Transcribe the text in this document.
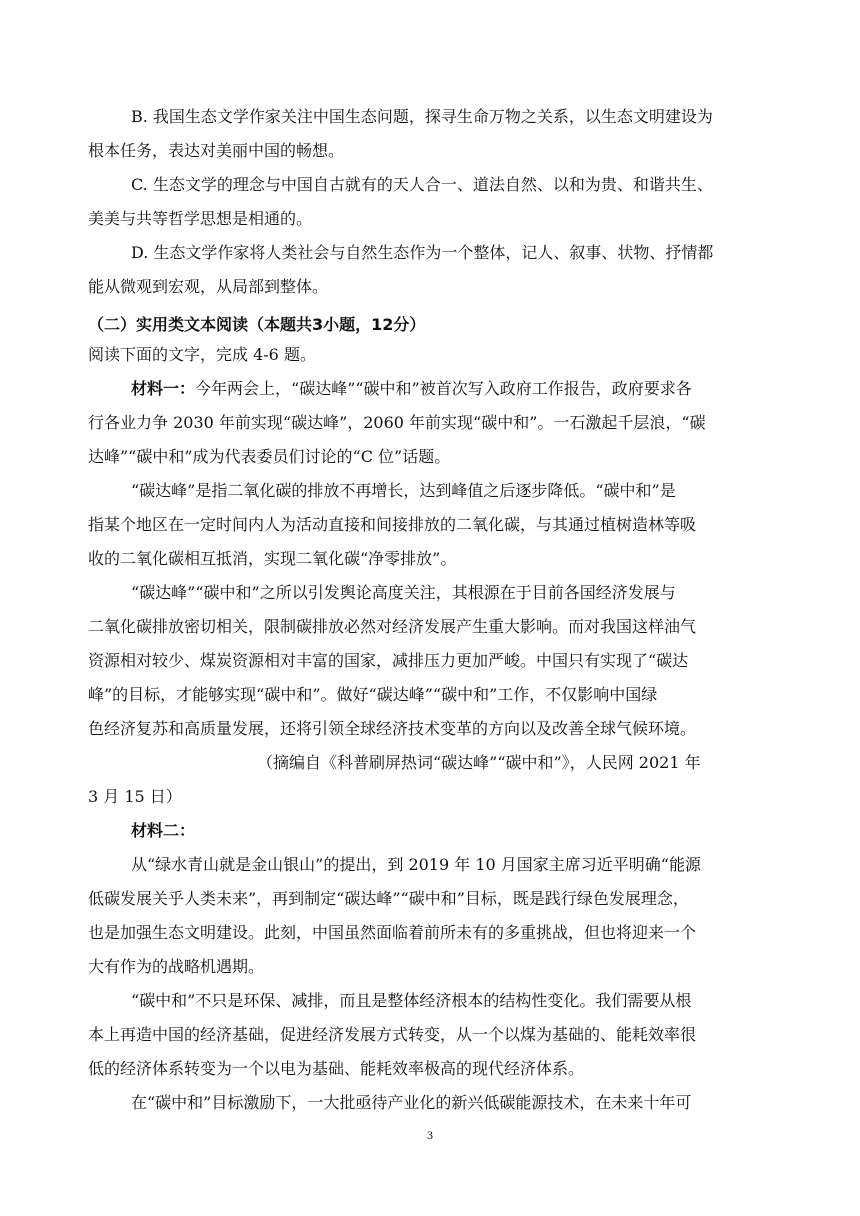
B. 我国生态文学作家关注中国生态问题，探寻生命万物之关系，以生态文明建设为
根本任务，表达对美丽中国的畅想。
C. 生态文学的理念与中国自古就有的天人合一、道法自然、以和为贵、和谐共生、
美美与共等哲学思想是相通的。
D. 生态文学作家将人类社会与自然生态作为一个整体，记人、叙事、状物、抒情都
能从微观到宏观，从局部到整体。
（二）实用类文本阅读（本题共3小题，12分）
阅读下面的文字，完成 4-6 题。
材料一：今年两会上，“碳达峰”“碳中和”被首次写入政府工作报告，政府要求各
行各业力争 2030 年前实现“碳达峰”，2060 年前实现“碳中和”。一石激起千层浪，“碳
达峰”“碳中和”成为代表委员们讨论的“C 位”话题。
“碳达峰”是指二氧化碳的排放不再增长，达到峰值之后逐步降低。“碳中和”是
指某个地区在一定时间内人为活动直接和间接排放的二氧化碳，与其通过植树造林等吸
收的二氧化碳相互抵消，实现二氧化碳“净零排放”。
“碳达峰”“碳中和”之所以引发舆论高度关注，其根源在于目前各国经济发展与
二氧化碳排放密切相关，限制碳排放必然对经济发展产生重大影响。而对我国这样油气
资源相对较少、煤炭资源相对丰富的国家，减排压力更加严峻。中国只有实现了“碳达
峰”的目标，才能够实现“碳中和”。做好“碳达峰”“碳中和”工作，不仅影响中国绿
色经济复苏和高质量发展，还将引领全球经济技术变革的方向以及改善全球气候环境。
（摘编自《科普刷屏热词“碳达峰”“碳中和”》，人民网 2021 年
3 月 15 日）
材料二：
从“绿水青山就是金山银山”的提出，到 2019 年 10 月国家主席习近平明确“能源
低碳发展关乎人类未来”，再到制定“碳达峰”“碳中和”目标，既是践行绿色发展理念，
也是加强生态文明建设。此刻，中国虽然面临着前所未有的多重挑战，但也将迎来一个
大有作为的战略机遇期。
“碳中和”不只是环保、减排，而且是整体经济根本的结构性变化。我们需要从根
本上再造中国的经济基础，促进经济发展方式转变，从一个以煤为基础的、能耗效率很
低的经济体系转变为一个以电为基础、能耗效率极高的现代经济体系。
在“碳中和”目标激励下，一大批亟待产业化的新兴低碳能源技术，在未来十年可
3
